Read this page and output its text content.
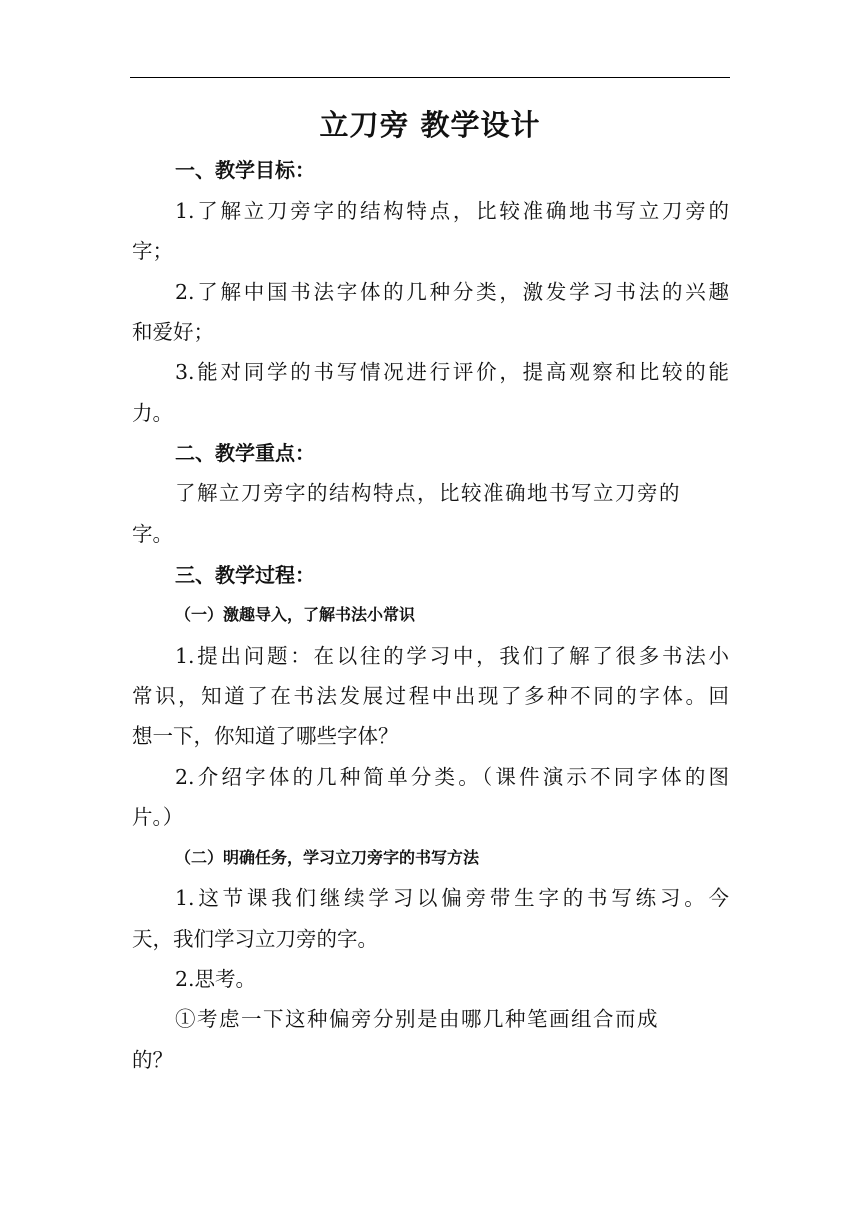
立刀旁 教学设计
一、教学目标：
1.了解立刀旁字的结构特点，比较准确地书写立刀旁的
字；
2.了解中国书法字体的几种分类，激发学习书法的兴趣
和爱好；
3.能对同学的书写情况进行评价，提高观察和比较的能
力。
二、教学重点：
了解立刀旁字的结构特点，比较准确地书写立刀旁的
字。
三、教学过程：
（一）激趣导入，了解书法小常识
1.提出问题：在以往的学习中，我们了解了很多书法小
常识，知道了在书法发展过程中出现了多种不同的字体。回
想一下，你知道了哪些字体？
2.介绍字体的几种简单分类。（课件演示不同字体的图
片。）
（二）明确任务，学习立刀旁字的书写方法
1.这节课我们继续学习以偏旁带生字的书写练习。今
天，我们学习立刀旁的字。
2.思考。
①考虑一下这种偏旁分别是由哪几种笔画组合而成
的？
